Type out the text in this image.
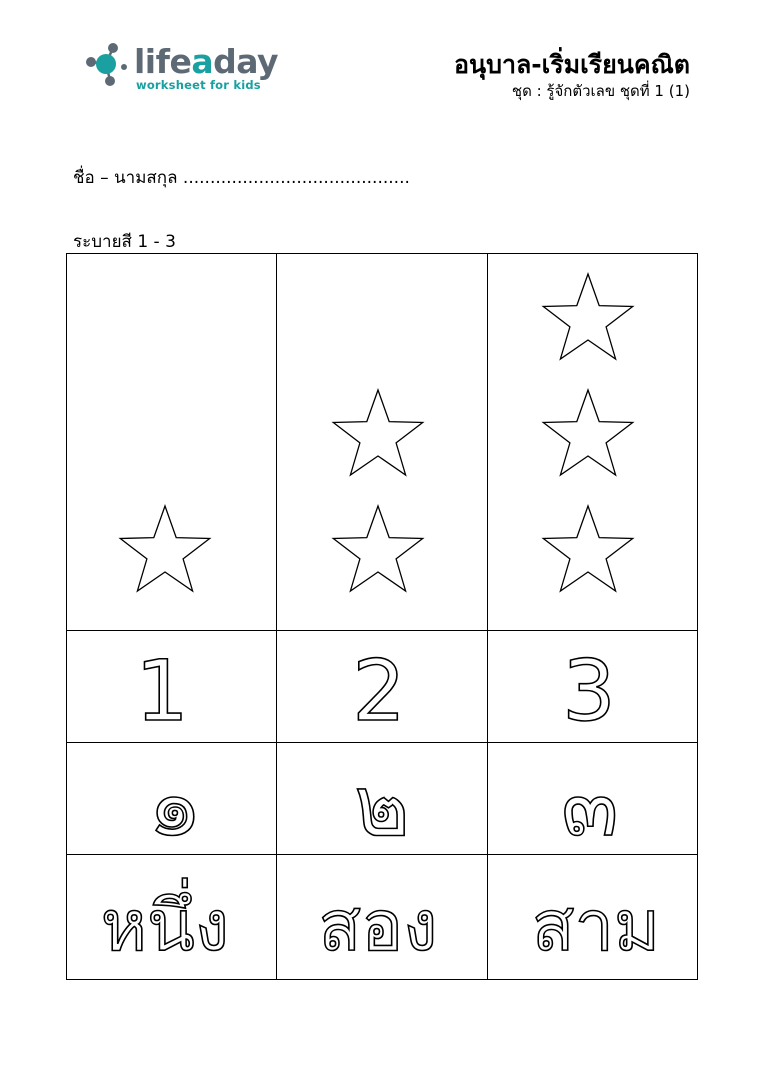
lifeaday
worksheet for kids
อนุบาล-เริ่มเรียนคณิต
ชุด : รู้จักตัวเลข ชุดที่ 1 (1)
ชื่อ – นามสกุล ..........................................
ระบายสี 1 - 3
1 2 3
๑ ๒ ๓
หนึ่ง สอง สาม
